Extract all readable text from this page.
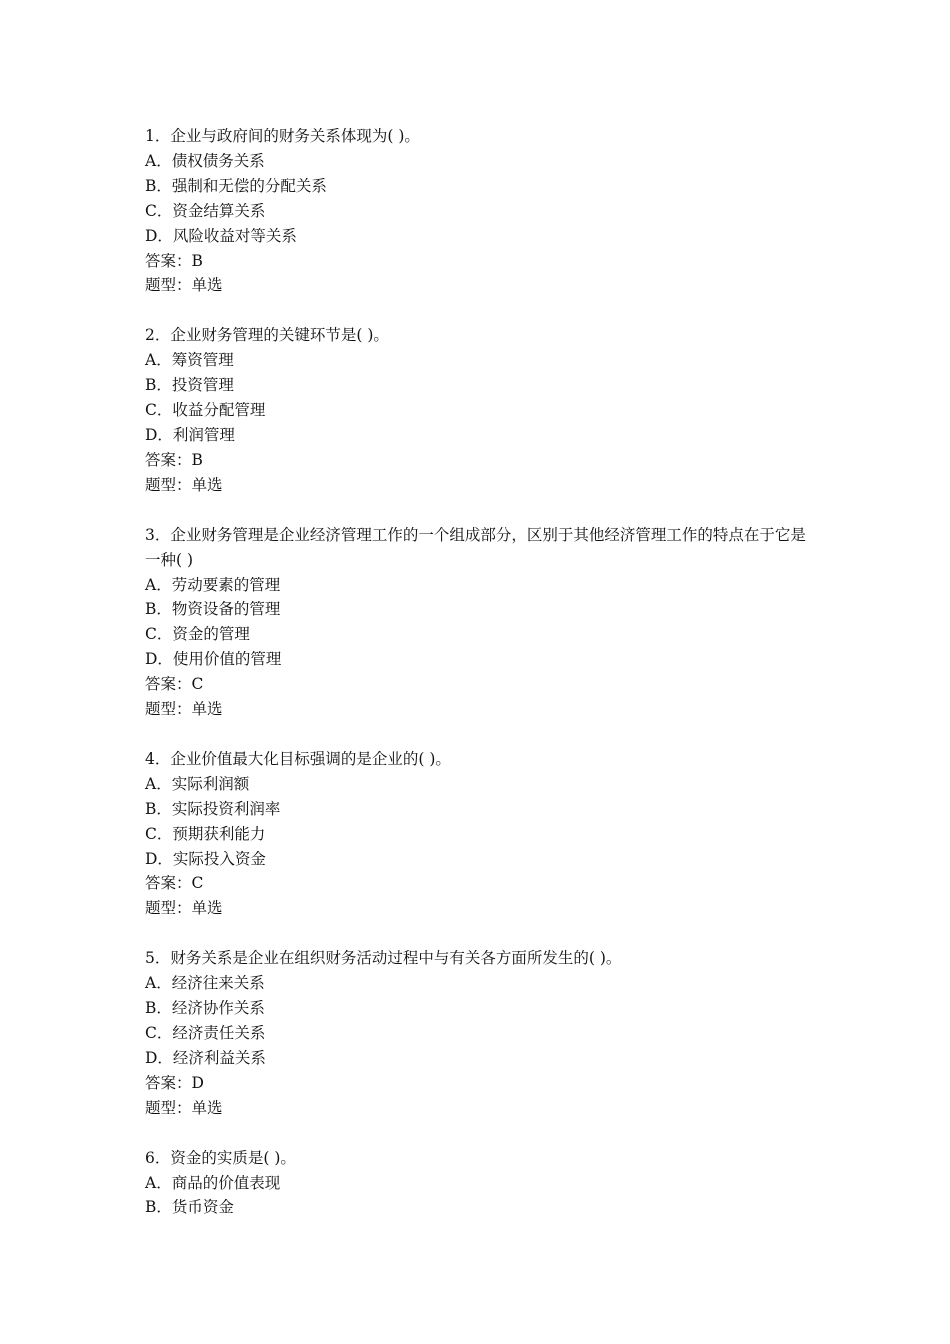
1．企业与政府间的财务关系体现为( )。
A．债权债务关系
B．强制和无偿的分配关系
C．资金结算关系
D．风险收益对等关系
答案：B
题型：单选
2．企业财务管理的关键环节是( )。
A．筹资管理
B．投资管理
C．收益分配管理
D．利润管理
答案：B
题型：单选
3．企业财务管理是企业经济管理工作的一个组成部分，区别于其他经济管理工作的特点在于它是一种( )
A．劳动要素的管理
B．物资设备的管理
C．资金的管理
D．使用价值的管理
答案：C
题型：单选
4．企业价值最大化目标强调的是企业的( )。
A．实际利润额
B．实际投资利润率
C．预期获利能力
D．实际投入资金
答案：C
题型：单选
5．财务关系是企业在组织财务活动过程中与有关各方面所发生的( )。
A．经济往来关系
B．经济协作关系
C．经济责任关系
D．经济利益关系
答案：D
题型：单选
6．资金的实质是( )。
A．商品的价值表现
B．货币资金
